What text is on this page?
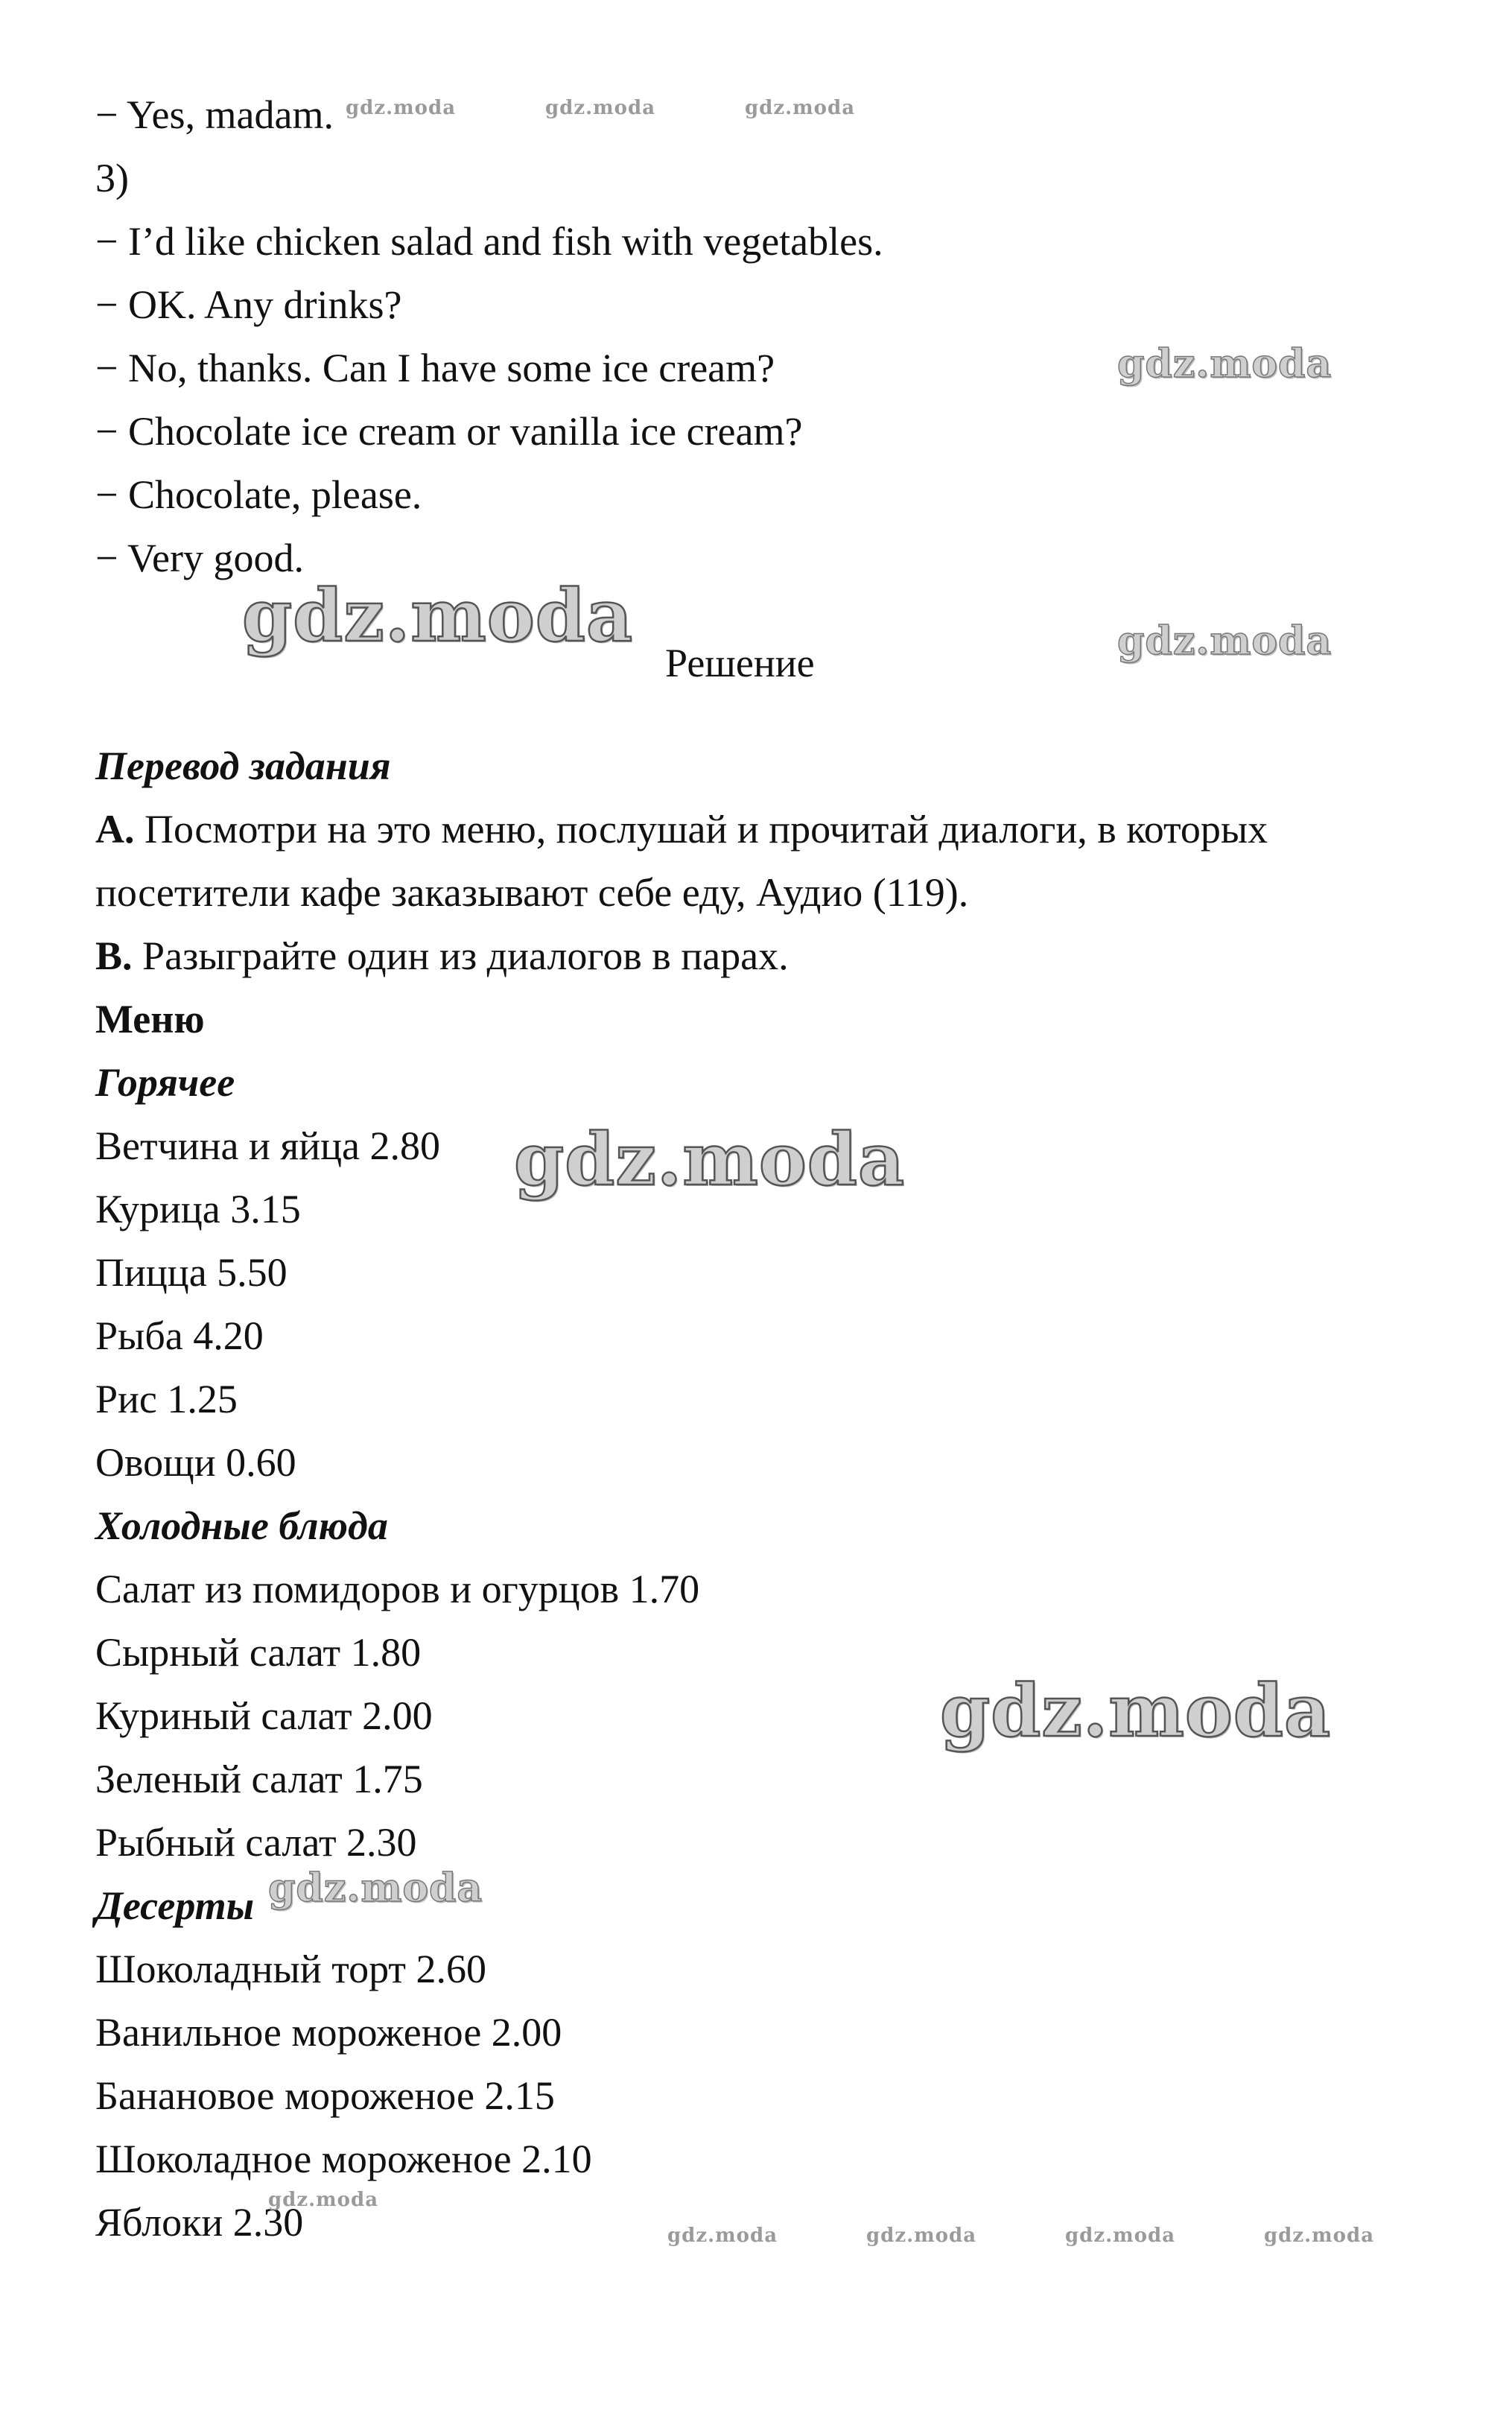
− Yes, madam.
3)
− I’d like chicken salad and fish with vegetables.
− OK. Any drinks?
− No, thanks. Can I have some ice cream?
− Chocolate ice cream or vanilla ice cream?
− Chocolate, please.
− Very good.
Решение
Перевод задания
A. Посмотри на это меню, послушай и прочитай диалоги, в которых
посетители кафе заказывают себе еду, Аудио (119).
B. Разыграйте один из диалогов в парах.
Меню
Горячее
Ветчина и яйца 2.80
Курица 3.15
Пицца 5.50
Рыба 4.20
Рис 1.25
Овощи 0.60
Холодные блюда
Салат из помидоров и огурцов 1.70
Сырный салат 1.80
Куриный салат 2.00
Зеленый салат 1.75
Рыбный салат 2.30
Десерты
Шоколадный торт 2.60
Ванильное мороженое 2.00
Банановое мороженое 2.15
Шоколадное мороженое 2.10
Яблоки 2.30
gdz.moda	gdz.moda	gdz.moda
gdz.moda
gdz.moda	gdz.moda
gdz.moda
gdz.moda
gdz.moda
gdz.moda
gdz.moda	gdz.moda	gdz.moda	gdz.moda
